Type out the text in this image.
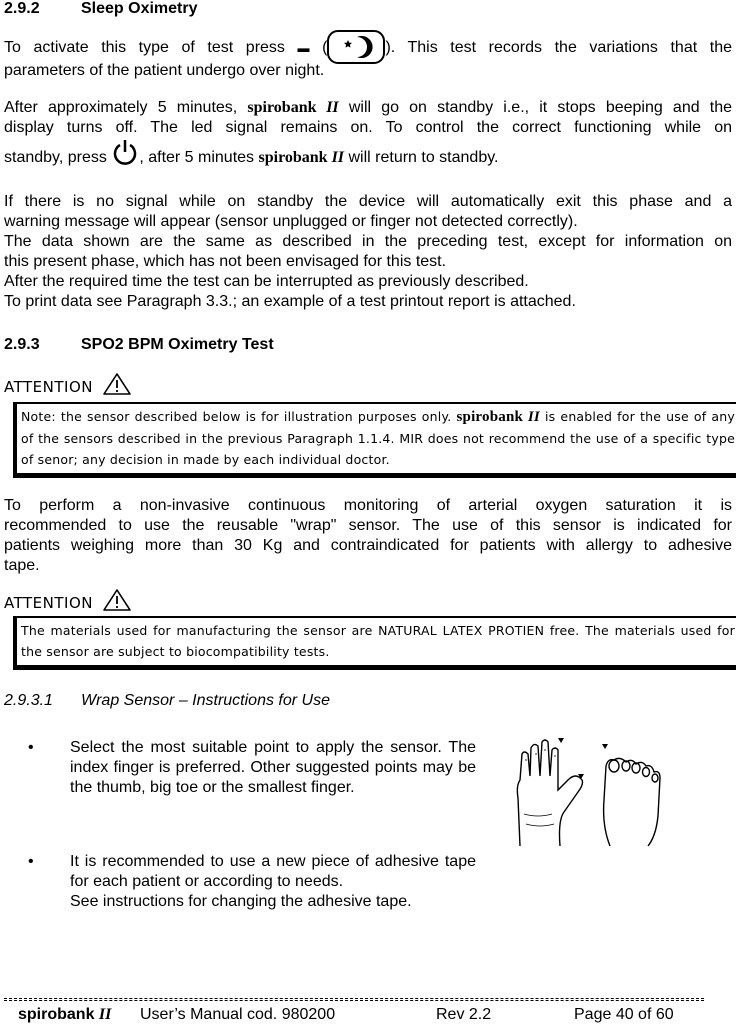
2.9.2	Sleep Oximetry
To activate this type of test press ▬ (	). This test records the variations that the
parameters of the patient undergo over night.
After approximately 5 minutes, spirobank II will go on standby i.e., it stops beeping and the
display turns off. The led signal remains on. To control the correct functioning while on
standby, press , after 5 minutes spirobank II will return to standby.
If there is no signal while on standby the device will automatically exit this phase and a
warning message will appear (sensor unplugged or finger not detected correctly).
The data shown are the same as described in the preceding test, except for information on
this present phase, which has not been envisaged for this test.
After the required time the test can be interrupted as previously described.
To print data see Paragraph 3.3.; an example of a test printout report is attached.
2.9.3	SPO2 BPM Oximetry Test
ATTENTION
Note: the sensor described below is for illustration purposes only. spirobank II is enabled for the use of any of the sensors described in the previous Paragraph 1.1.4. MIR does not recommend the use of a specific type of senor; any decision in made by each individual doctor.
To perform a non-invasive continuous monitoring of arterial oxygen saturation it is
recommended to use the reusable "wrap" sensor. The use of this sensor is indicated for
patients weighing more than 30 Kg and contraindicated for patients with allergy to adhesive
tape.
ATTENTION
The materials used for manufacturing the sensor are NATURAL LATEX PROTIEN free. The materials used for the sensor are subject to biocompatibility tests.
2.9.3.1 Wrap Sensor – Instructions for Use
• Select the most suitable point to apply the sensor. The index finger is preferred. Other suggested points may be the thumb, big toe or the smallest finger.
• It is recommended to use a new piece of adhesive tape for each patient or according to needs.
See instructions for changing the adhesive tape.
spirobank II User’s Manual cod. 980200	Rev 2.2	Page 40 of 60
